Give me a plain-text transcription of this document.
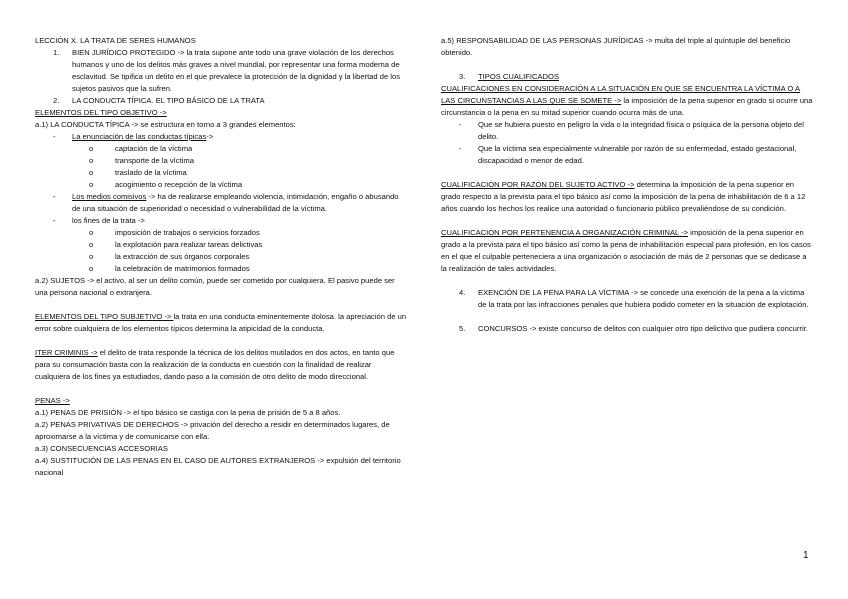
LECCIÓN X. LA TRATA DE SERES HUMANOS

1. BIEN JURÍDICO PROTEGIDO -> la trata supone ante todo una grave violación de los derechos humanos y uno de los delitos más graves a nivel mundial, por representar una forma moderna de esclavitud. Se tipifica un delito en el que prevalece la protección de la dignidad y la libertad de los sujetos pasivos que la sufren.
2. LA CONDUCTA TÍPICA. EL TIPO BÁSICO DE LA TRATA

ELEMENTOS DEL TIPO OBJETIVO ->

a.1) LA CONDUCTA TÍPICA -> se estructura en torno a 3 grandes elementos:

- La enunciación de las conductas típicas->
o	captación de la víctima
o	transporte de la víctima
o	traslado de la víctima
o	acogimiento o recepción de la víctima
- Los medios comisivos -> ha de realizarse empleando violencia, intimidación, engaño o abusando de una situación de superioridad o necesidad o vulnerabilidad de la víctima.
- los fines de la trata ->
o	imposición de trabajos o servicios forzados
o	la explotación para realizar tareas delictivas
o	la extracción de sus órganos corporales
o	la celebración de matrimonios formados

a.2) SUJETOS -> el activo, al ser un delito común, puede ser cometido por cualquiera. El pasivo puede ser una persona nacional o extranjera.

ELEMENTOS DEL TIPO SUBJETIVO -> la trata en una conducta eminentemente dolosa. la apreciación de un error sobre cualquiera de los elementos típicos determina la atipicidad de la conducta.

ITER CRIMINIS -> el delito de trata responde la técnica de los delitos mutilados en dos actos, en tanto que para su consumación basta con la realización de la conducta en cuestión con la finalidad de realizar cualquiera de los fines ya estudiados, dando paso a la comisión de otro delito de modo direccional.

PENAS ->

a.1) PENAS DE PRISIÓN -> el tipo básico se castiga con la pena de prisión de 5 a 8 años.

a.2) PENAS PRIVATIVAS DE DERECHOS -> privación del derecho a residir en determinados lugares, de aproximarse a la víctima y de comunicarse con ella.

a.3) CONSECUENCIAS ACCESORIAS

a.4) SUSTITUCIÓN DE LAS PENAS EN EL CASO DE AUTORES EXTRANJEROS -> expulsión del territorio nacional

a.5) RESPONSABILIDAD DE LAS PERSONAS JURÍDICAS -> multa del triple al quíntuple del beneficio obtenido.

3. TIPOS CUALIFICADOS

CUALIFICACIONES EN CONSIDERACIÓN A LA SITUACIÓN EN QUE SE ENCUENTRA LA VÍCTIMA O A LAS CIRCUNSTANCIAS A LAS QUE SE SOMETE -> la imposición de la pena superior en grado si ocurre una circunstancia o la pena en su mitad superior cuando ocurra más de una.

- Que se hubiera puesto en peligro la vida o la integridad física o psíquica de la persona objeto del delito.
- Que la víctima sea especialmente vulnerable por razón de su enfermedad, estado gestacional, discapacidad o menor de edad.

CUALIFICACIÓN POR RAZÓN DEL SUJETO ACTIVO -> determina la imposición de la pena superior en grado respecto a la prevista para el tipo básico así como la imposición de la pena de inhabilitación de 6 a 12 años cuando los hechos los realice una autoridad o funcionario público prevaliéndose de su condición.

CUALIFICACIÓN POR PERTENENCIA A ORGANIZACIÓN CRIMINAL -> imposición de la pena superior en grado a la prevista para el tipo básico así como la pena de inhabilitación especial para profesión, en los casos en el que el culpable perteneciera a una organización o asociación de más de 2 personas que se dedicase a la realización de tales actividades.

4. EXENCIÓN DE LA PENA PARA LA VÍCTIMA -> se concede una exención de la pena a la víctima de la trata por las infracciones penales que hubiera podido cometer en la situación de explotación.
5. CONCURSOS -> existe concurso de delitos con cualquier otro tipo delictivo que pudiera concurrir.
1
